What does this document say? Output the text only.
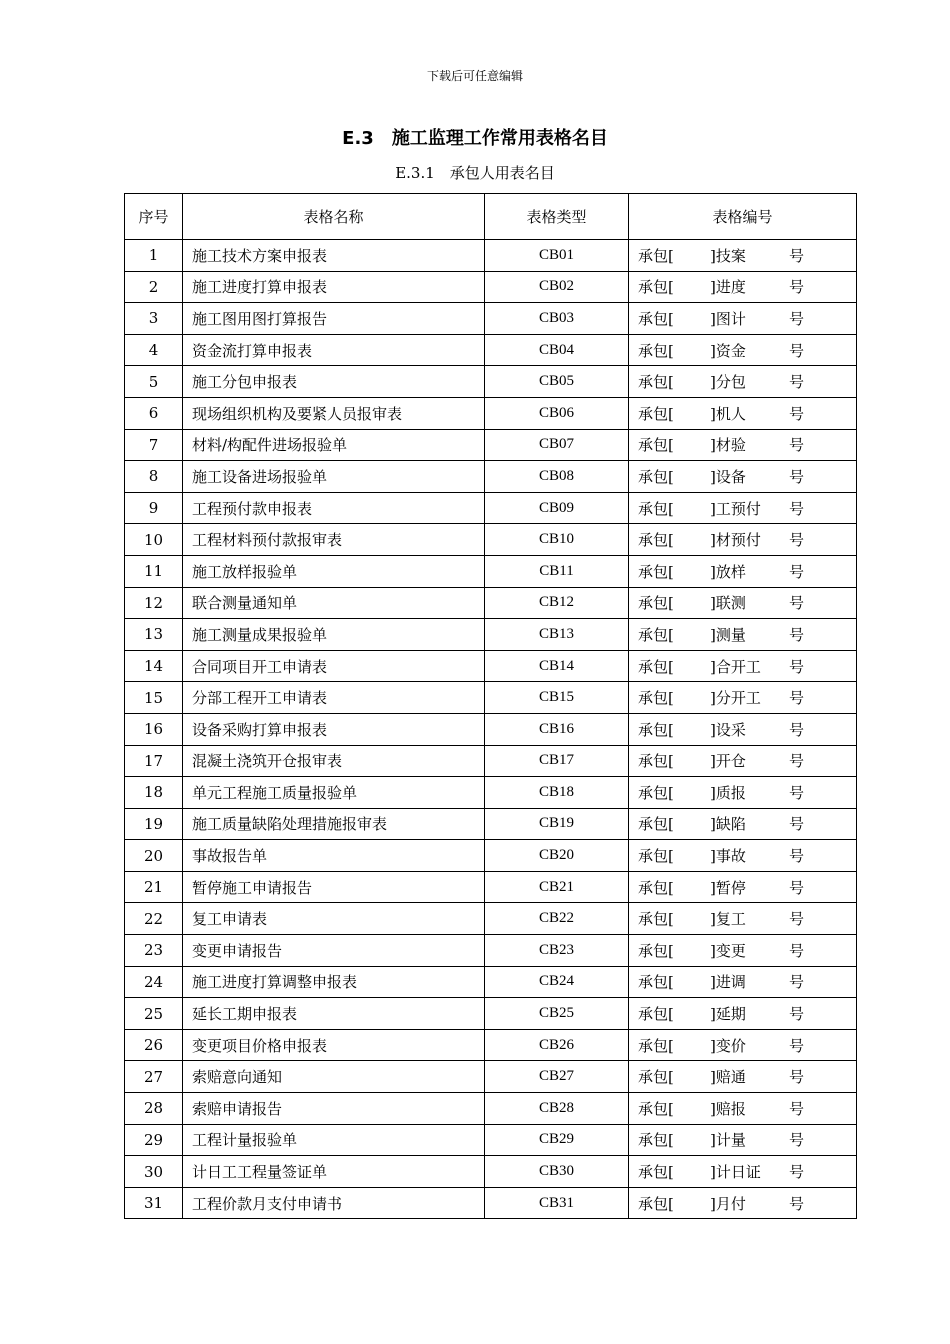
下载后可任意编辑
E.3　施工监理工作常用表格名目
E.3.1　承包人用表名目
序号	表格名称	表格类型	表格编号
1	施工技术方案申报表	CB01	承包[ ]技案 号

2	施工进度打算申报表	CB02	承包[ ]进度 号

3	施工图用图打算报告	CB03	承包[ ]图计 号

4	资金流打算申报表	CB04	承包[ ]资金 号

5	施工分包申报表	CB05	承包[ ]分包 号

6	现场组织机构及要紧人员报审表	CB06	承包[ ]机人 号

7	材料/构配件进场报验单	CB07	承包[ ]材验 号

8	施工设备进场报验单	CB08	承包[ ]设备 号

9	工程预付款申报表	CB09	承包[ ]工预付 号

10	工程材料预付款报审表	CB10	承包[ ]材预付 号

11	施工放样报验单	CB11	承包[ ]放样 号

12	联合测量通知单	CB12	承包[ ]联测 号

13	施工测量成果报验单	CB13	承包[ ]测量 号

14	合同项目开工申请表	CB14	承包[ ]合开工 号

15	分部工程开工申请表	CB15	承包[ ]分开工 号

16	设备采购打算申报表	CB16	承包[ ]设采 号

17	混凝土浇筑开仓报审表	CB17	承包[ ]开仓 号

18	单元工程施工质量报验单	CB18	承包[ ]质报 号

19	施工质量缺陷处理措施报审表	CB19	承包[ ]缺陷 号

20	事故报告单	CB20	承包[ ]事故 号

21	暂停施工申请报告	CB21	承包[ ]暂停 号

22	复工申请表	CB22	承包[ ]复工 号

23	变更申请报告	CB23	承包[ ]变更 号

24	施工进度打算调整申报表	CB24	承包[ ]进调 号

25	延长工期申报表	CB25	承包[ ]延期 号

26	变更项目价格申报表	CB26	承包[ ]变价 号

27	索赔意向通知	CB27	承包[ ]赔通 号

28	索赔申请报告	CB28	承包[ ]赔报 号

29	工程计量报验单	CB29	承包[ ]计量 号

30	计日工工程量签证单	CB30	承包[ ]计日证 号

31	工程价款月支付申请书	CB31	承包[ ]月付 号
